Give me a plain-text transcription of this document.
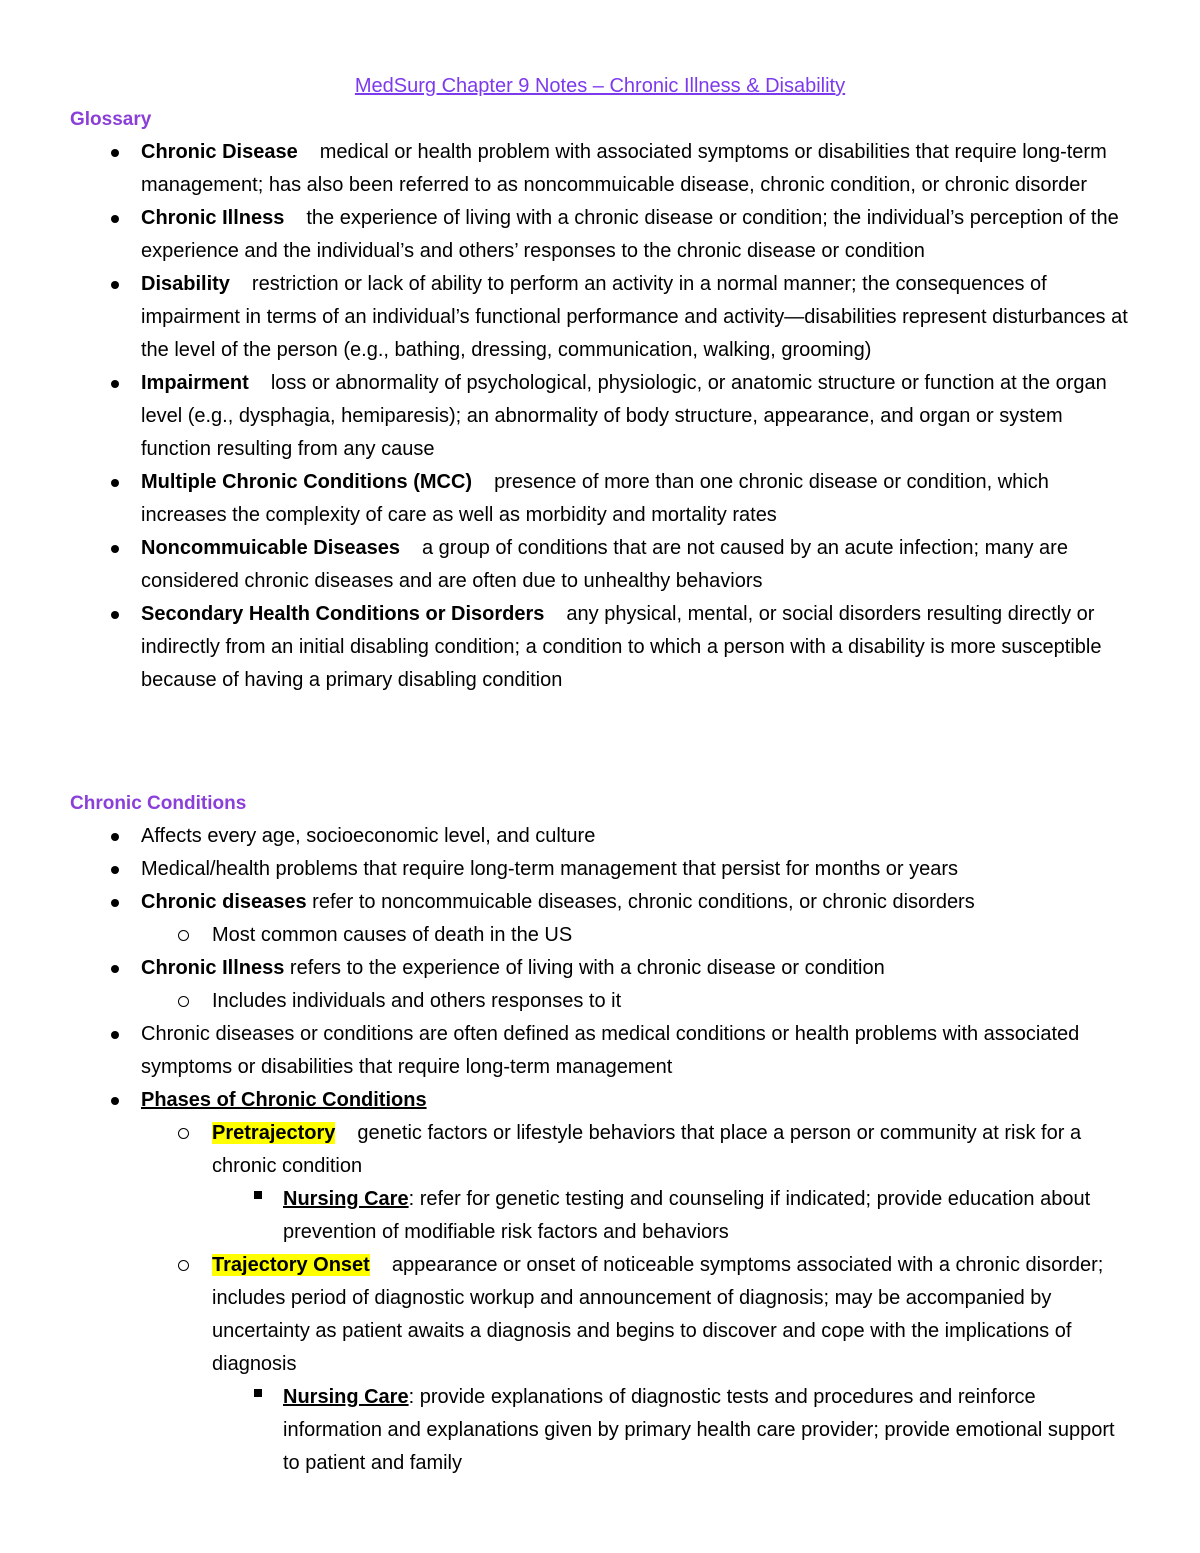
MedSurg Chapter 9 Notes – Chronic Illness & Disability
Glossary
Chronic Disease medical or health problem with associated symptoms or disabilities that require long-term management; has also been referred to as noncommuicable disease, chronic condition, or chronic disorder
Chronic Illness the experience of living with a chronic disease or condition; the individual’s perception of the experience and the individual’s and others’ responses to the chronic disease or condition
Disability restriction or lack of ability to perform an activity in a normal manner; the consequences of impairment in terms of an individual’s functional performance and activity—disabilities represent disturbances at the level of the person (e.g., bathing, dressing, communication, walking, grooming)
Impairment loss or abnormality of psychological, physiologic, or anatomic structure or function at the organ level (e.g., dysphagia, hemiparesis); an abnormality of body structure, appearance, and organ or system function resulting from any cause
Multiple Chronic Conditions (MCC) presence of more than one chronic disease or condition, which increases the complexity of care as well as morbidity and mortality rates
Noncommuicable Diseases a group of conditions that are not caused by an acute infection; many are considered chronic diseases and are often due to unhealthy behaviors
Secondary Health Conditions or Disorders any physical, mental, or social disorders resulting directly or indirectly from an initial disabling condition; a condition to which a person with a disability is more susceptible because of having a primary disabling condition
Chronic Conditions
Affects every age, socioeconomic level, and culture
Medical/health problems that require long-term management that persist for months or years
Chronic diseases refer to noncommuicable diseases, chronic conditions, or chronic disorders
Most common causes of death in the US
Chronic Illness refers to the experience of living with a chronic disease or condition
Includes individuals and others responses to it
Chronic diseases or conditions are often defined as medical conditions or health problems with associated symptoms or disabilities that require long-term management
Phases of Chronic Conditions
Pretrajectory genetic factors or lifestyle behaviors that place a person or community at risk for a chronic condition
Nursing Care: refer for genetic testing and counseling if indicated; provide education about prevention of modifiable risk factors and behaviors
Trajectory Onset appearance or onset of noticeable symptoms associated with a chronic disorder; includes period of diagnostic workup and announcement of diagnosis; may be accompanied by uncertainty as patient awaits a diagnosis and begins to discover and cope with the implications of diagnosis
Nursing Care: provide explanations of diagnostic tests and procedures and reinforce information and explanations given by primary health care provider; provide emotional support to patient and family
